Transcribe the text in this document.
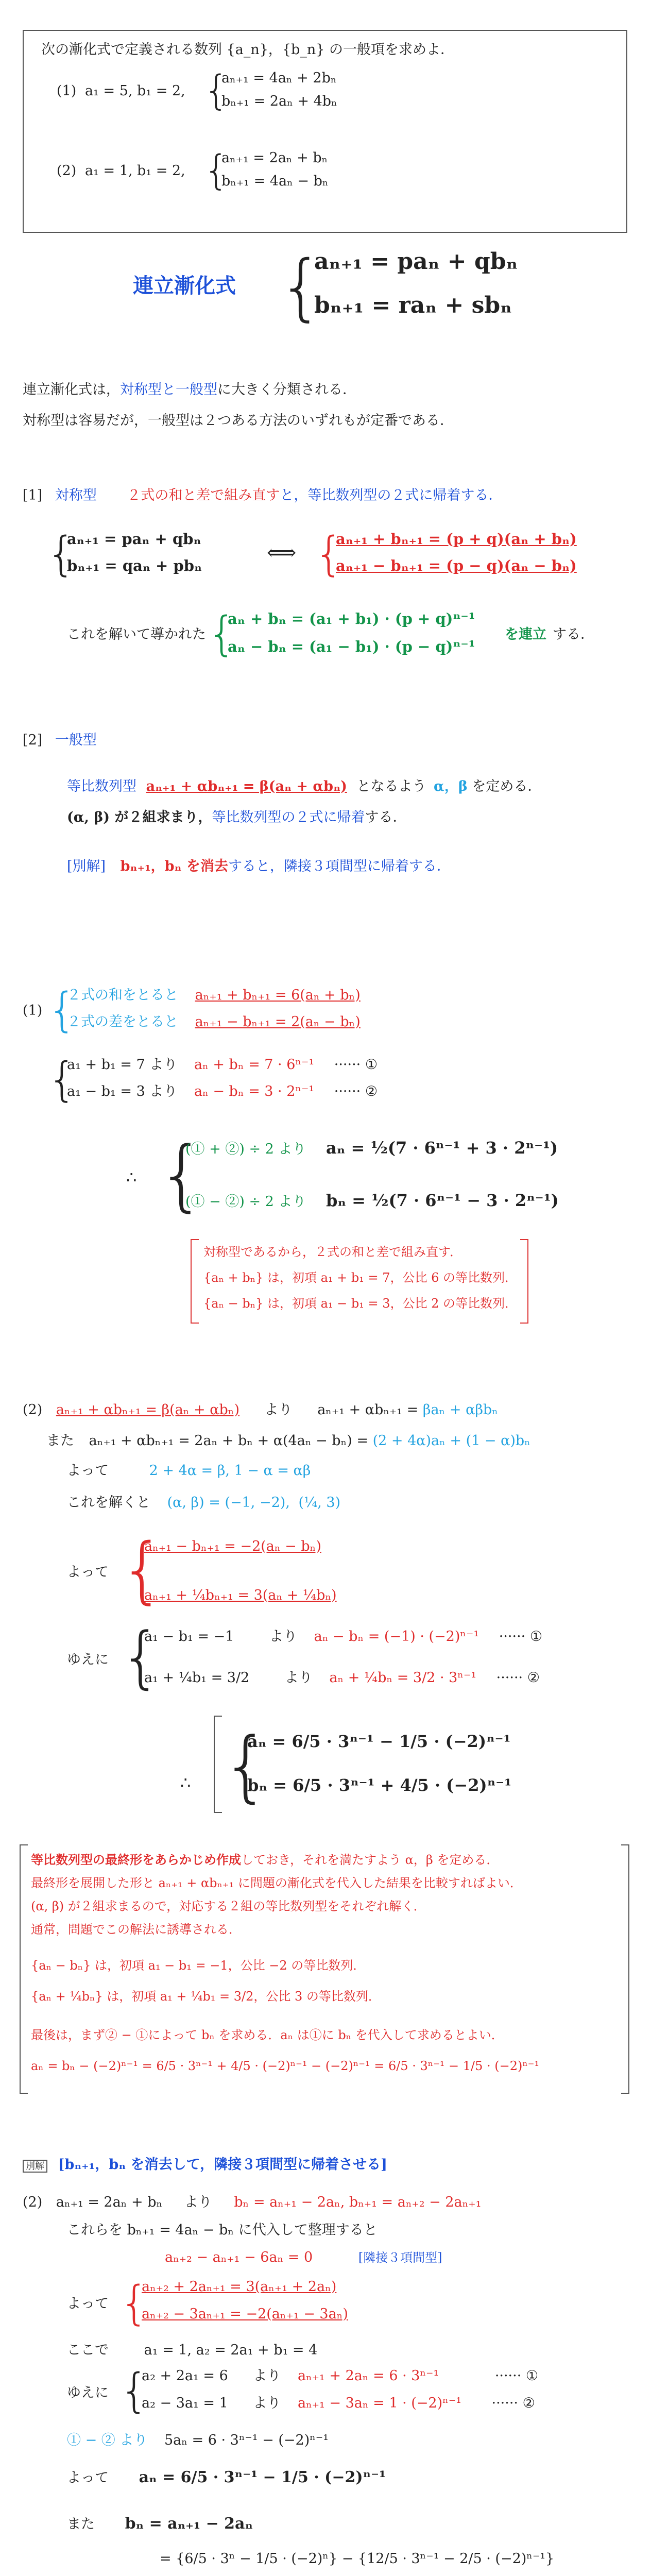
次の漸化式で定義される数列 {a_n}，{b_n} の一般項を求めよ．
(1) a₁ = 5, b₁ = 2, {
aₙ₊₁ = 4aₙ + 2bₙ
bₙ₊₁ = 2aₙ + 4bₙ
(2) a₁ = 1, b₁ = 2, {
aₙ₊₁ = 2aₙ + bₙ
bₙ₊₁ = 4aₙ − bₙ
連立漸化式 {
aₙ₊₁ = paₙ + qbₙ
bₙ₊₁ = raₙ + sbₙ
連立漸化式は，対称型と一般型に大きく分類される．
対称型は容易だが，一般型は２つある方法のいずれもが定番である．
[1] 対称型 ２式の和と差で組み直すと，等比数列型の２式に帰着する．
{
aₙ₊₁ = paₙ + qbₙ
bₙ₊₁ = qaₙ + pbₙ
⟺ {
aₙ₊₁ + bₙ₊₁ = (p + q)(aₙ + bₙ)
aₙ₊₁ − bₙ₊₁ = (p − q)(aₙ − bₙ)
これを解いて導かれた {
aₙ + bₙ = (a₁ + b₁) · (p + q)ⁿ⁻¹
aₙ − bₙ = (a₁ − b₁) · (p − q)ⁿ⁻¹
を連立 する．
[2] 一般型
等比数列型 aₙ₊₁ + αbₙ₊₁ = β(aₙ + αbₙ) となるよう α，β を定める．
(α, β) が２組求まり，等比数列型の２式に帰着する．
[別解] bₙ₊₁，bₙ を消去すると，隣接３項間型に帰着する．
(1) {
２式の和をとると aₙ₊₁ + bₙ₊₁ = 6(aₙ + bₙ)
２式の差をとると aₙ₊₁ − bₙ₊₁ = 2(aₙ − bₙ)
{
a₁ + b₁ = 7 より aₙ + bₙ = 7 · 6ⁿ⁻¹ ······ ①
a₁ − b₁ = 3 より aₙ − bₙ = 3 · 2ⁿ⁻¹ ······ ②
∴ {
(① + ②) ÷ 2 より aₙ = ½(7 · 6ⁿ⁻¹ + 3 · 2ⁿ⁻¹)
(① − ②) ÷ 2 より bₙ = ½(7 · 6ⁿ⁻¹ − 3 · 2ⁿ⁻¹)
対称型であるから，２式の和と差で組み直す．
{aₙ + bₙ} は，初項 a₁ + b₁ = 7，公比 6 の等比数列．
{aₙ − bₙ} は，初項 a₁ − b₁ = 3，公比 2 の等比数列．
(2) aₙ₊₁ + αbₙ₊₁ = β(aₙ + αbₙ) より aₙ₊₁ + αbₙ₊₁ = βaₙ + αβbₙ
また aₙ₊₁ + αbₙ₊₁ = 2aₙ + bₙ + α(4aₙ − bₙ) = (2 + 4α)aₙ + (1 − α)bₙ
よって	2 + 4α = β, 1 − α = αβ
これを解くと (α, β) = (−1, −2), (¼, 3)
よって {
aₙ₊₁ − bₙ₊₁ = −2(aₙ − bₙ)
aₙ₊₁ + ¼bₙ₊₁ = 3(aₙ + ¼bₙ)
ゆえに {
a₁ − b₁ = −1	より aₙ − bₙ = (−1) · (−2)ⁿ⁻¹ ······ ①
a₁ + ¼b₁ = 3/2	より aₙ + ¼bₙ = 3/2 · 3ⁿ⁻¹ ······ ②
∴ {
aₙ = 6/5 · 3ⁿ⁻¹ − 1/5 · (−2)ⁿ⁻¹
bₙ = 6/5 · 3ⁿ⁻¹ + 4/5 · (−2)ⁿ⁻¹
等比数列型の最終形をあらかじめ作成しておき，それを満たすよう α，β を定める．
最終形を展開した形と aₙ₊₁ + αbₙ₊₁ に問題の漸化式を代入した結果を比較すればよい．
(α, β) が２組求まるので，対応する２組の等比数列型をそれぞれ解く．
通常，問題でこの解法に誘導される．
{aₙ − bₙ} は，初項 a₁ − b₁ = −1，公比 −2 の等比数列．
{aₙ + ¼bₙ} は，初項 a₁ + ¼b₁ = 3/2，公比 3 の等比数列．
最後は，まず② − ①によって bₙ を求める．aₙ は①に bₙ を代入して求めるとよい．
aₙ = bₙ − (−2)ⁿ⁻¹ = 6/5 · 3ⁿ⁻¹ + 4/5 · (−2)ⁿ⁻¹ − (−2)ⁿ⁻¹ = 6/5 · 3ⁿ⁻¹ − 1/5 · (−2)ⁿ⁻¹
別解 [bₙ₊₁，bₙ を消去して，隣接３項間型に帰着させる]
(2) aₙ₊₁ = 2aₙ + bₙ より bₙ = aₙ₊₁ − 2aₙ, bₙ₊₁ = aₙ₊₂ − 2aₙ₊₁
これらを bₙ₊₁ = 4aₙ − bₙ に代入して整理すると
aₙ₊₂ − aₙ₊₁ − 6aₙ = 0	[隣接３項間型]
よって {
aₙ₊₂ + 2aₙ₊₁ = 3(aₙ₊₁ + 2aₙ)
aₙ₊₂ − 3aₙ₊₁ = −2(aₙ₊₁ − 3aₙ)
ここで	a₁ = 1, a₂ = 2a₁ + b₁ = 4
ゆえに {
a₂ + 2a₁ = 6 より aₙ₊₁ + 2aₙ = 6 · 3ⁿ⁻¹	······ ①
a₂ − 3a₁ = 1 より aₙ₊₁ − 3aₙ = 1 · (−2)ⁿ⁻¹ ······ ②
① − ② より 5aₙ = 6 · 3ⁿ⁻¹ − (−2)ⁿ⁻¹
よって aₙ = 6/5 · 3ⁿ⁻¹ − 1/5 · (−2)ⁿ⁻¹
また bₙ = aₙ₊₁ − 2aₙ
= {6/5 · 3ⁿ − 1/5 · (−2)ⁿ} − {12/5 · 3ⁿ⁻¹ − 2/5 · (−2)ⁿ⁻¹}
